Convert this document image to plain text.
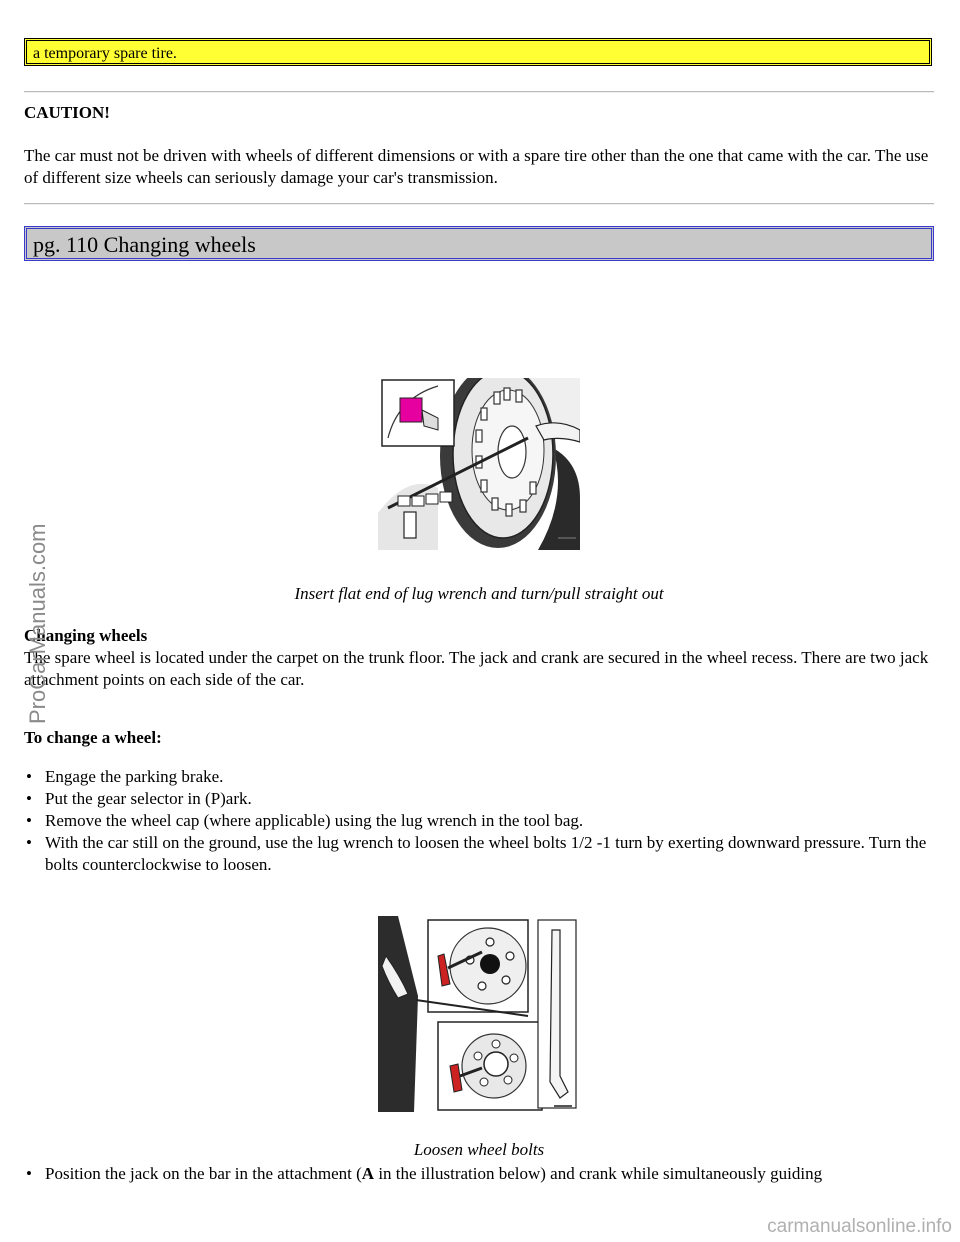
a temporary spare tire.
CAUTION!
The car must not be driven with wheels of different dimensions or with a spare tire other than the one that came with the car. The use of different size wheels can seriously damage your car's transmission.
pg. 110 Changing wheels
Insert flat end of lug wrench and turn/pull straight out
Changing wheels
The spare wheel is located under the carpet on the trunk floor. The jack and crank are secured in the wheel recess. There are two jack attachment points on each side of the car.
To change a wheel:
• Engage the parking brake.
• Put the gear selector in (P)ark.
• Remove the wheel cap (where applicable) using the lug wrench in the tool bag.
• With the car still on the ground, use the lug wrench to loosen the wheel bolts 1/2 -1 turn by exerting downward pressure. Turn the bolts counterclockwise to loosen.
Loosen wheel bolts
• Position the jack on the bar in the attachment (A in the illustration below) and crank while simultaneously guiding
ProCarManuals.com
carmanualsonline.info
